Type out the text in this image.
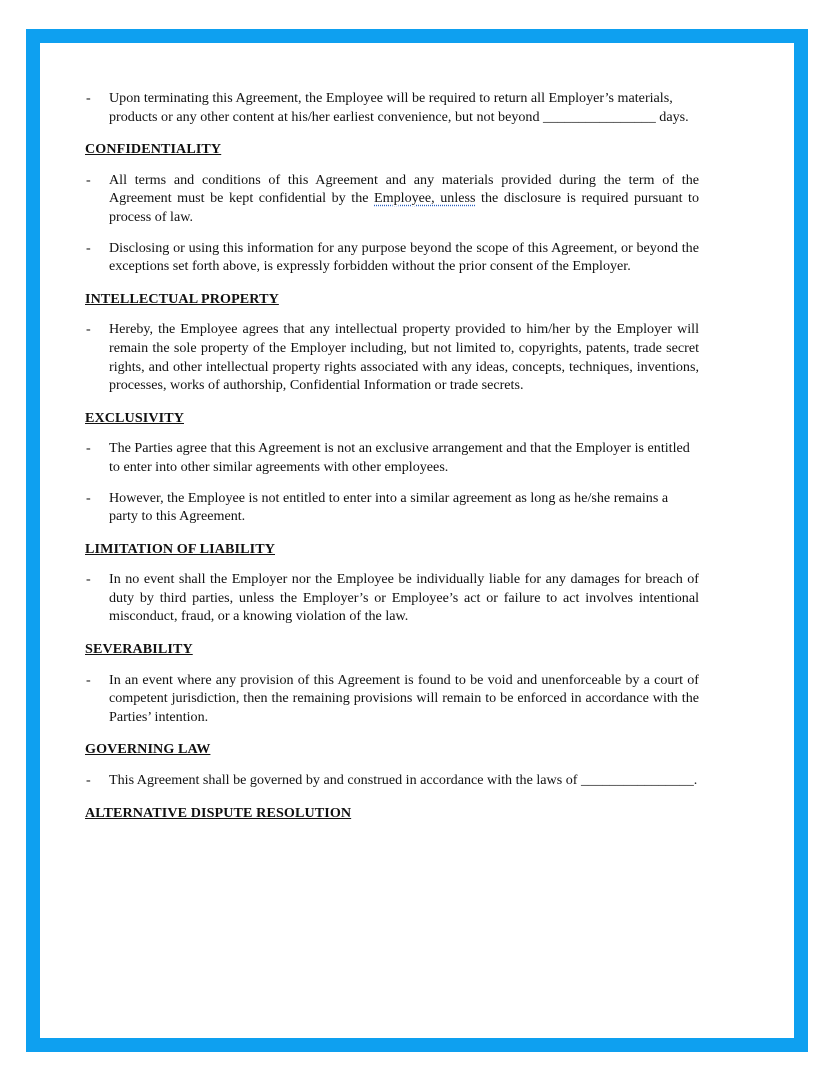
- Upon terminating this Agreement, the Employee will be required to return all Employer’s materials, products or any other content at his/her earliest convenience, but not beyond ________________ days.
CONFIDENTIALITY
- All terms and conditions of this Agreement and any materials provided during the term of the Agreement must be kept confidential by the Employee, unless the disclosure is required pursuant to process of law.
- Disclosing or using this information for any purpose beyond the scope of this Agreement, or beyond the exceptions set forth above, is expressly forbidden without the prior consent of the Employer.
INTELLECTUAL PROPERTY
- Hereby, the Employee agrees that any intellectual property provided to him/her by the Employer will remain the sole property of the Employer including, but not limited to, copyrights, patents, trade secret rights, and other intellectual property rights associated with any ideas, concepts, techniques, inventions, processes, works of authorship, Confidential Information or trade secrets.
EXCLUSIVITY
- The Parties agree that this Agreement is not an exclusive arrangement and that the Employer is entitled to enter into other similar agreements with other employees.
- However, the Employee is not entitled to enter into a similar agreement as long as he/she remains a party to this Agreement.
LIMITATION OF LIABILITY
- In no event shall the Employer nor the Employee be individually liable for any damages for breach of duty by third parties, unless the Employer’s or Employee’s act or failure to act involves intentional misconduct, fraud, or a knowing violation of the law.
SEVERABILITY
- In an event where any provision of this Agreement is found to be void and unenforceable by a court of competent jurisdiction, then the remaining provisions will remain to be enforced in accordance with the Parties’ intention.
GOVERNING LAW
- This Agreement shall be governed by and construed in accordance with the laws of ________________.
ALTERNATIVE DISPUTE RESOLUTION
